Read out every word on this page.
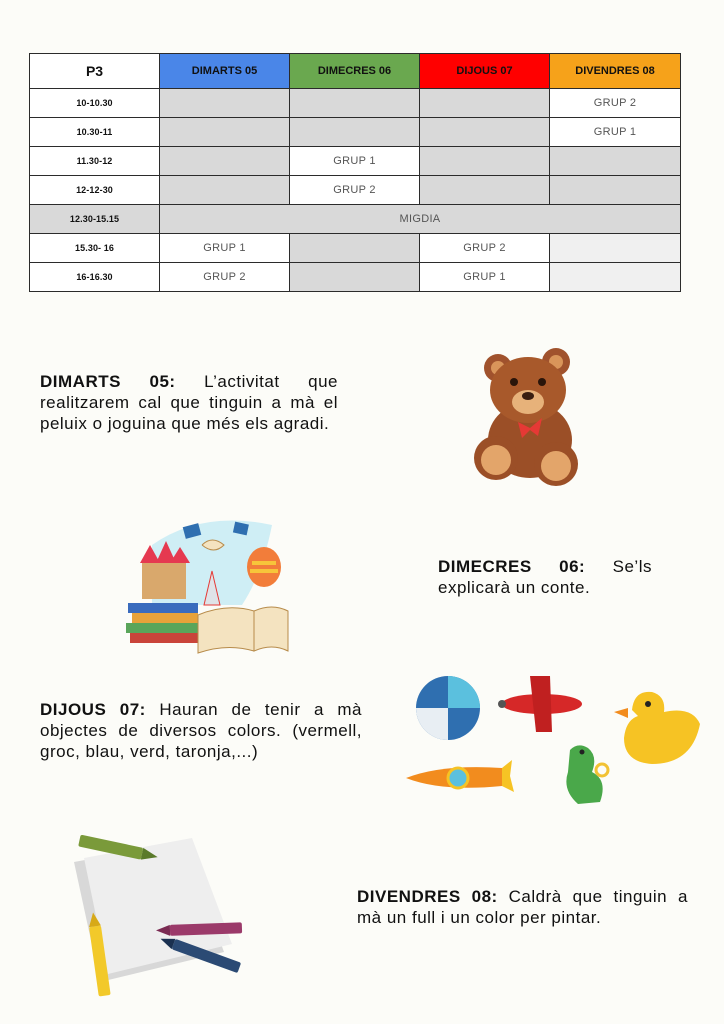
P3	DIMARTS 05	DIMECRES 06	DIJOUS 07	DIVENDRES 08
10-10.30				GRUP 2
10.30-11				GRUP 1
11.30-12		GRUP 1		
12-12-30		GRUP 2		
12.30-15.15	MIGDIA			
15.30- 16	GRUP 1		GRUP 2	
16-16.30	GRUP 2		GRUP 1	
DIMARTS 05: L’activitat que realitzarem cal que tinguin a mà el peluix o joguina que més els agradi.
DIMECRES 06: Se’ls explicarà un conte.
DIJOUS 07: Hauran de tenir a mà objectes de diversos colors. (vermell, groc, blau, verd, taronja,...)
DIVENDRES 08: Caldrà que tinguin a mà un full i un color per pintar.
